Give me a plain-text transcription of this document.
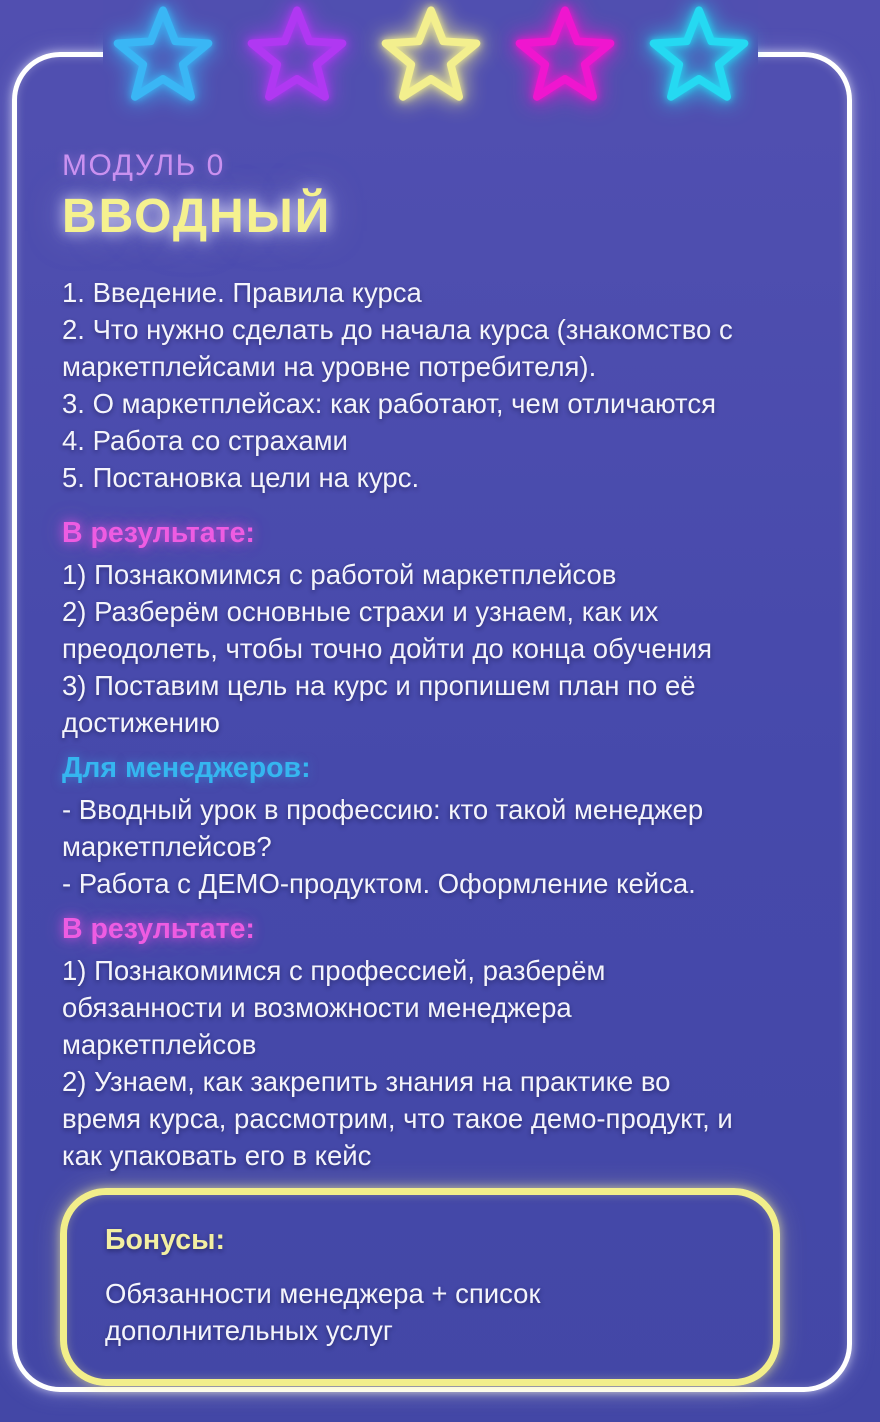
МОДУЛЬ 0
ВВОДНЫЙ

1. Введение. Правила курса

2. Что нужно сделать до начала курса (знакомство с маркетплейсами на уровне потребителя).

3. О маркетплейсах: как работают, чем отличаются

4. Работа со страхами

5. Постановка цели на курс.

В результате:

1) Познакомимся с работой маркетплейсов

2) Разберём основные страхи и узнаем, как их преодолеть, чтобы точно дойти до конца обучения

3) Поставим цель на курс и пропишем план по её достижению

Для менеджеров:

- Вводный урок в профессию: кто такой менеджер маркетплейсов?

- Работа с ДЕМО-продуктом. Оформление кейса.

В результате:

1) Познакомимся с профессией, разберём обязанности и возможности менеджера маркетплейсов

2) Узнаем, как закрепить знания на практике во время курса, рассмотрим, что такое демо-продукт, и как упаковать его в кейс

Бонусы:

Обязанности менеджера + список дополнительных услуг
